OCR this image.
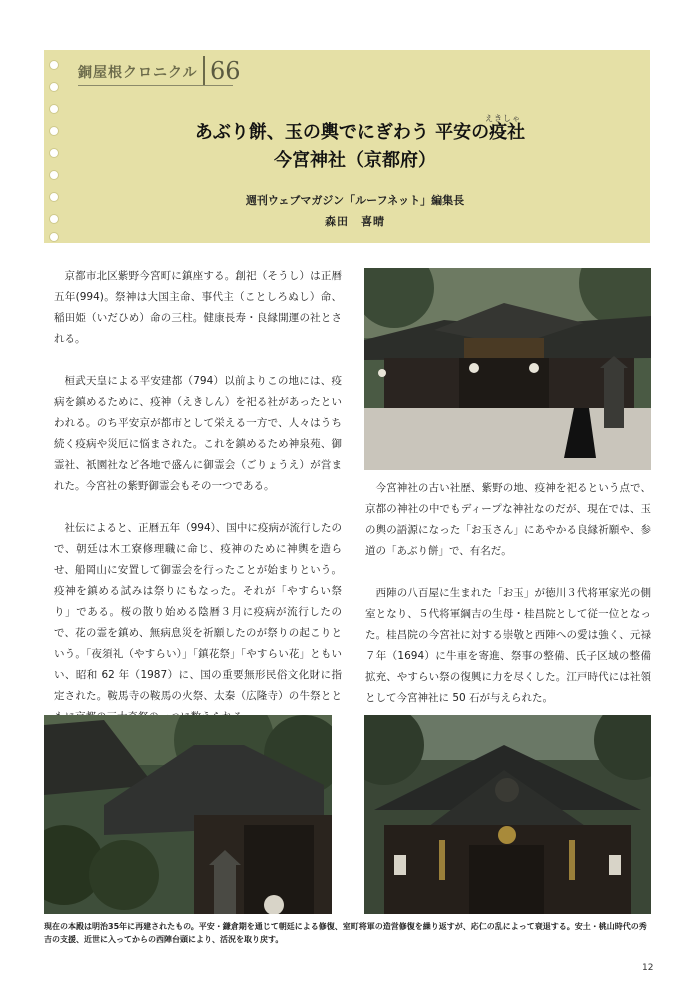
銅屋根クロニクル 66
えきしゃ
あぶり餅、玉の輿でにぎわう 平安の疫社
今宮神社（京都府）
週刊ウェブマガジン「ルーフネット」編集長
森田　喜晴

京都市北区紫野今宮町に鎮座する。創祀（そうし）は正暦五年(994)。祭神は大国主命、事代主（ことしろぬし）命、稲田姫（いだひめ）命の三柱。健康長寿・良縁開運の社とされる。

桓武天皇による平安建都（794）以前よりこの地には、疫病を鎮めるために、疫神（えきしん）を祀る社があったといわれる。のち平安京が都市として栄える一方で、人々はうち続く疫病や災厄に悩まされた。これを鎮めるため神泉苑、御霊社、祇園社など各地で盛んに御霊会（ごりょうえ）が営まれた。今宮社の紫野御霊会もその一つである。

社伝によると、正暦五年（994）、国中に疫病が流行したので、朝廷は木工寮修理職に命じ、疫神のために神輿を造らせ、船岡山に安置して御霊会を行ったことが始まりという。疫神を鎮める試みは祭りにもなった。それが「やすらい祭り」である。桜の散り始める陰暦３月に疫病が流行したので、花の霊を鎮め、無病息災を祈願したのが祭りの起こりという。「夜須礼（やすらい）」「鎮花祭」「やすらい花」ともいい、昭和 62 年（1987）に、国の重要無形民俗文化財に指定された。鞍馬寺の鞍馬の火祭、太秦（広隆寺）の牛祭とと

今宮神社の古い社歴、紫野の地、疫神を祀るという点で、京都の神社の中でもディープな神社なのだが、現在では、玉の輿の語源になった「お玉さん」にあやかる良縁祈願や、参道の「あぶり餅」で、有名だ。

西陣の八百屋に生まれた「お玉」が徳川３代将軍家光の側室となり、５代将軍綱吉の生母・桂昌院として従一位となった。桂昌院の今宮社に対する崇敬と西陣への愛は強く、元禄７年（1694）に牛車を寄進、祭事の整備、氏子区域の整備拡充、やすらい祭の復興に力を尽くした。江戸時代には社領として今宮神社に 50 石が与えられた。

現在の本殿は明治35年に再建されたもの。平安・鎌倉期を通じて朝廷による修復、室町将軍の造営修復を繰り返すが、応仁の乱によって衰退する。安土・桃山時代の秀吉の支援、近世に入ってからの西陣台頭により、活況を取り戻す。
12
